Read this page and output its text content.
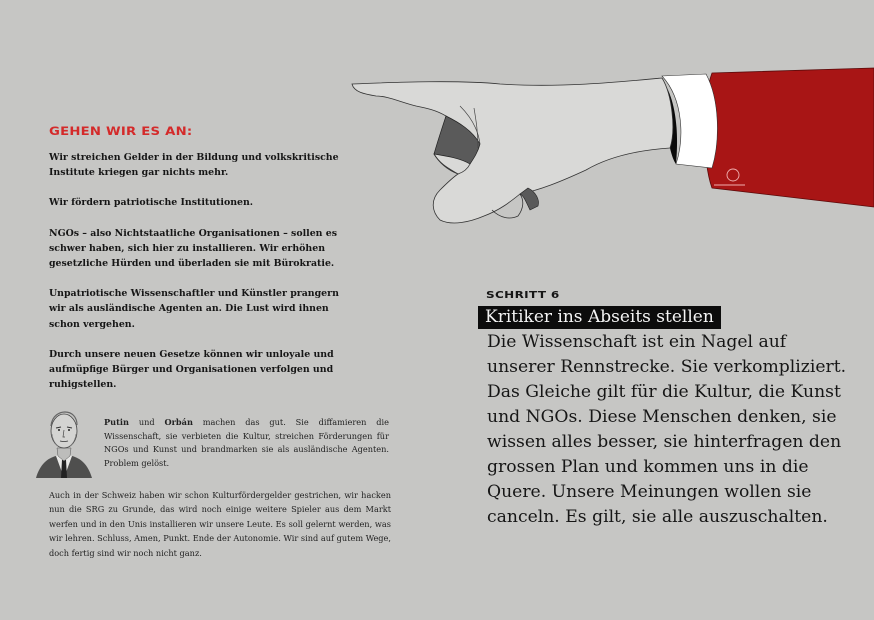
GEHEN WIR ES AN:

Wir streichen Gelder in der Bildung und volkskritische Institute kriegen gar nichts mehr.

Wir fördern patriotische Institutionen.

NGOs – also Nichtstaatliche Organisationen – sollen es schwer haben, sich hier zu installieren. Wir erhöhen gesetzliche Hürden und überladen sie mit Bürokratie.

Unpatriotische Wissenschaftler und Künstler prangern wir als ausländische Agenten an. Die Lust wird ihnen schon vergehen.

Durch unsere neuen Gesetze können wir unloyale und aufmüpfige Bürger und Organisationen verfolgen und ruhigstellen.

Putin und Orbán machen das gut. Sie diffamieren die Wissenschaft, sie verbieten die Kultur, streichen Förderungen für NGOs und Kunst und brandmarken sie als ausländische Agenten. Problem gelöst.
Auch in der Schweiz haben wir schon Kulturfördergelder gestrichen, wir hacken nun die SRG zu Grunde, das wird noch einige weitere Spieler aus dem Markt werfen und in den Unis installieren wir unsere Leute. Es soll gelernt werden, was wir lehren. Schluss, Amen, Punkt. Ende der Autonomie. Wir sind auf gutem Wege, doch fertig sind wir noch nicht ganz.
SCHRITT 6
Kritiker ins Abseits stellen
Die Wissenschaft ist ein Nagel auf unserer Rennstrecke. Sie verkompliziert. Das Gleiche gilt für die Kultur, die Kunst und NGOs. Diese Menschen denken, sie wissen alles besser, sie hinterfragen den grossen Plan und kommen uns in die Quere. Unsere Meinungen wollen sie canceln. Es gilt, sie alle auszuschalten.
